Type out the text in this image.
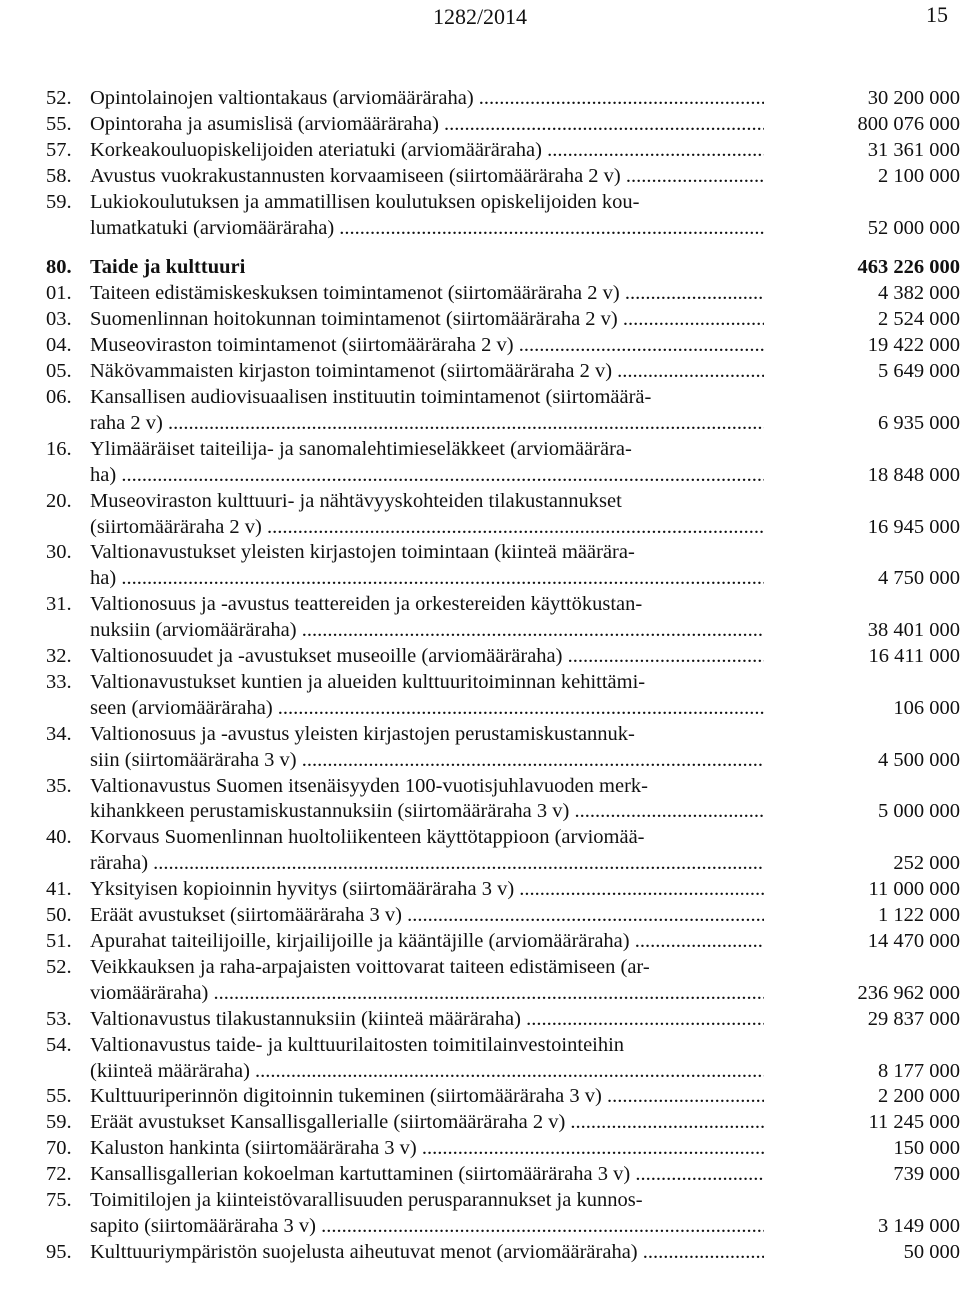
1282/2014	15
52. Opintolainojen valtiontakaus (arviomääräraha) .....	30 200 000
55. Opintoraha ja asumislisä (arviomääräraha) .....	800 076 000
57. Korkeakouluopiskelijoiden ateriatuki (arviomääräraha) .....	31 361 000
58. Avustus vuokrakustannusten korvaamiseen (siirtomääräraha 2 v) .....	2 100 000
59. Lukiokoulutuksen ja ammatillisen koulutuksen opiskelijoiden kou-
lumatkatuki (arviomääräraha) .....	52 000 000
80. Taide ja kulttuuri	463 226 000
01. Taiteen edistämiskeskuksen toimintamenot (siirtomääräraha 2 v) .....	4 382 000
03. Suomenlinnan hoitokunnan toimintamenot (siirtomääräraha 2 v) .....	2 524 000
04. Museoviraston toimintamenot (siirtomääräraha 2 v) .....	19 422 000
05. Näkövammaisten kirjaston toimintamenot (siirtomääräraha 2 v) .....	5 649 000
06. Kansallisen audiovisuaalisen instituutin toimintamenot (siirtomäärä-
raha 2 v) .....	6 935 000
16. Ylimääräiset taiteilija- ja sanomalehtimieseläkkeet (arviomäärära-
ha) .....	18 848 000
20. Museoviraston kulttuuri- ja nähtävyyskohteiden tilakustannukset
(siirtomääräraha 2 v) .....	16 945 000
30. Valtionavustukset yleisten kirjastojen toimintaan (kiinteä määrära-
ha) .....	4 750 000
31. Valtionosuus ja -avustus teattereiden ja orkestereiden käyttökustan-
nuksiin (arviomääräraha) .....	38 401 000
32. Valtionosuudet ja -avustukset museoille (arviomääräraha) .....	16 411 000
33. Valtionavustukset kuntien ja alueiden kulttuuritoiminnan kehittämi-
seen (arviomääräraha) .....	106 000
34. Valtionosuus ja -avustus yleisten kirjastojen perustamiskustannuk-
siin (siirtomääräraha 3 v) .....	4 500 000
35. Valtionavustus Suomen itsenäisyyden 100-vuotisjuhlavuoden merk-
kihankkeen perustamiskustannuksiin (siirtomääräraha 3 v) .....	5 000 000
40. Korvaus Suomenlinnan huoltoliikenteen käyttötappioon (arviomää-
räraha) .....	252 000
41. Yksityisen kopioinnin hyvitys (siirtomääräraha 3 v) .....	11 000 000
50. Eräät avustukset (siirtomääräraha 3 v) .....	1 122 000
51. Apurahat taiteilijoille, kirjailijoille ja kääntäjille (arviomääräraha) .....	14 470 000
52. Veikkauksen ja raha-arpajaisten voittovarat taiteen edistämiseen (ar-
viomääräraha) .....	236 962 000
53. Valtionavustus tilakustannuksiin (kiinteä määräraha) .....	29 837 000
54. Valtionavustus taide- ja kulttuurilaitosten toimitilainvestointeihin
(kiinteä määräraha) .....	8 177 000
55. Kulttuuriperinnön digitoinnin tukeminen (siirtomääräraha 3 v) .....	2 200 000
59. Eräät avustukset Kansallisgallerialle (siirtomääräraha 2 v) .....	11 245 000
70. Kaluston hankinta (siirtomääräraha 3 v) .....	150 000
72. Kansallisgallerian kokoelman kartuttaminen (siirtomääräraha 3 v) .....	739 000
75. Toimitilojen ja kiinteistövarallisuuden perusparannukset ja kunnos-
sapito (siirtomääräraha 3 v) .....	3 149 000
95. Kulttuuriympäristön suojelusta aiheutuvat menot (arviomääräraha) .....	50 000
